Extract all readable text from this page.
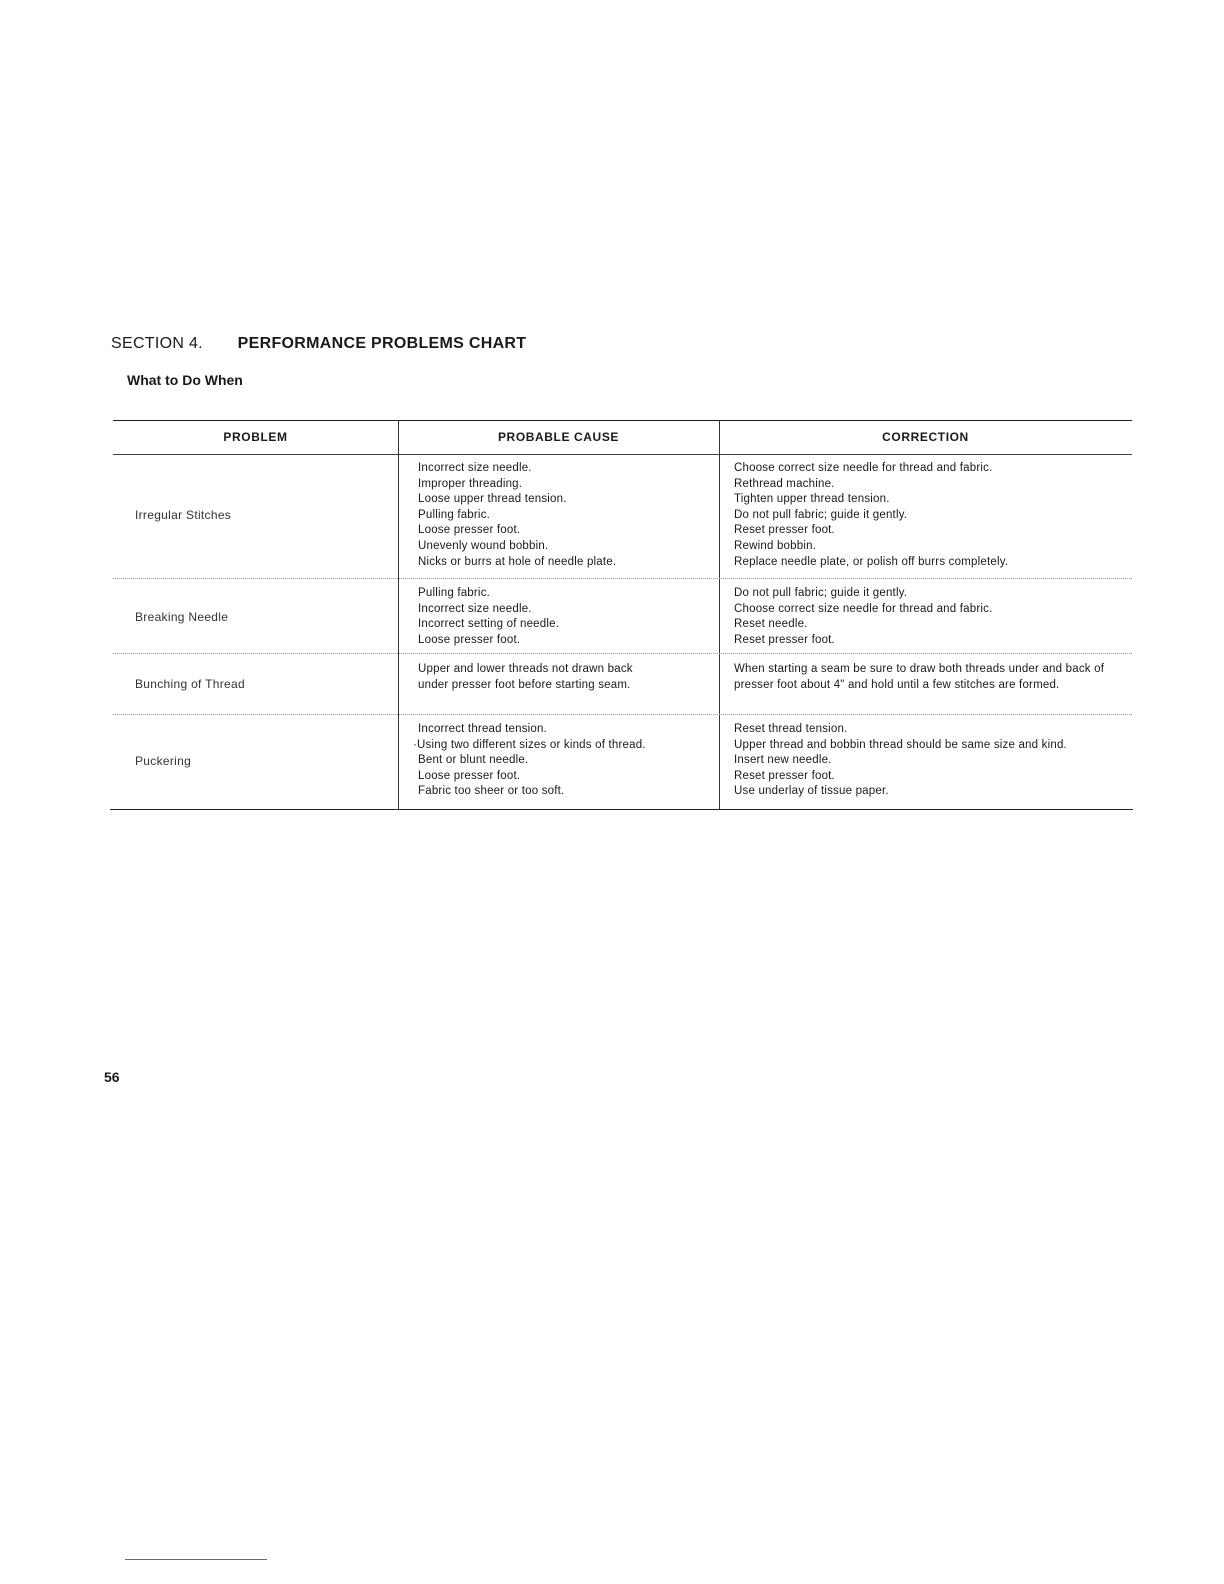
SECTION 4. PERFORMANCE PROBLEMS CHART
What to Do When
PROBLEM	PROBABLE CAUSE	CORRECTION
Irregular Stitches
Incorrect size needle.
Improper threading.
Loose upper thread tension.
Pulling fabric.
Loose presser foot.
Unevenly wound bobbin.
Nicks or burrs at hole of needle plate.
Choose correct size needle for thread and fabric.
Rethread machine.
Tighten upper thread tension.
Do not pull fabric; guide it gently.
Reset presser foot.
Rewind bobbin.
Replace needle plate, or polish off burrs completely.
Breaking Needle
Pulling fabric.
Incorrect size needle.
Incorrect setting of needle.
Loose presser foot.
Do not pull fabric; guide it gently.
Choose correct size needle for thread and fabric.
Reset needle.
Reset presser foot.
Bunching of Thread
Upper and lower threads not drawn back
under presser foot before starting seam.
When starting a seam be sure to draw both threads under and back of presser foot about 4" and hold until a few stitches are formed.
Puckering
Incorrect thread tension.
·Using two different sizes or kinds of thread.
Bent or blunt needle.
Loose presser foot.
Fabric too sheer or too soft.
Reset thread tension.
Upper thread and bobbin thread should be same size and kind.
Insert new needle.
Reset presser foot.
Use underlay of tissue paper.
56
